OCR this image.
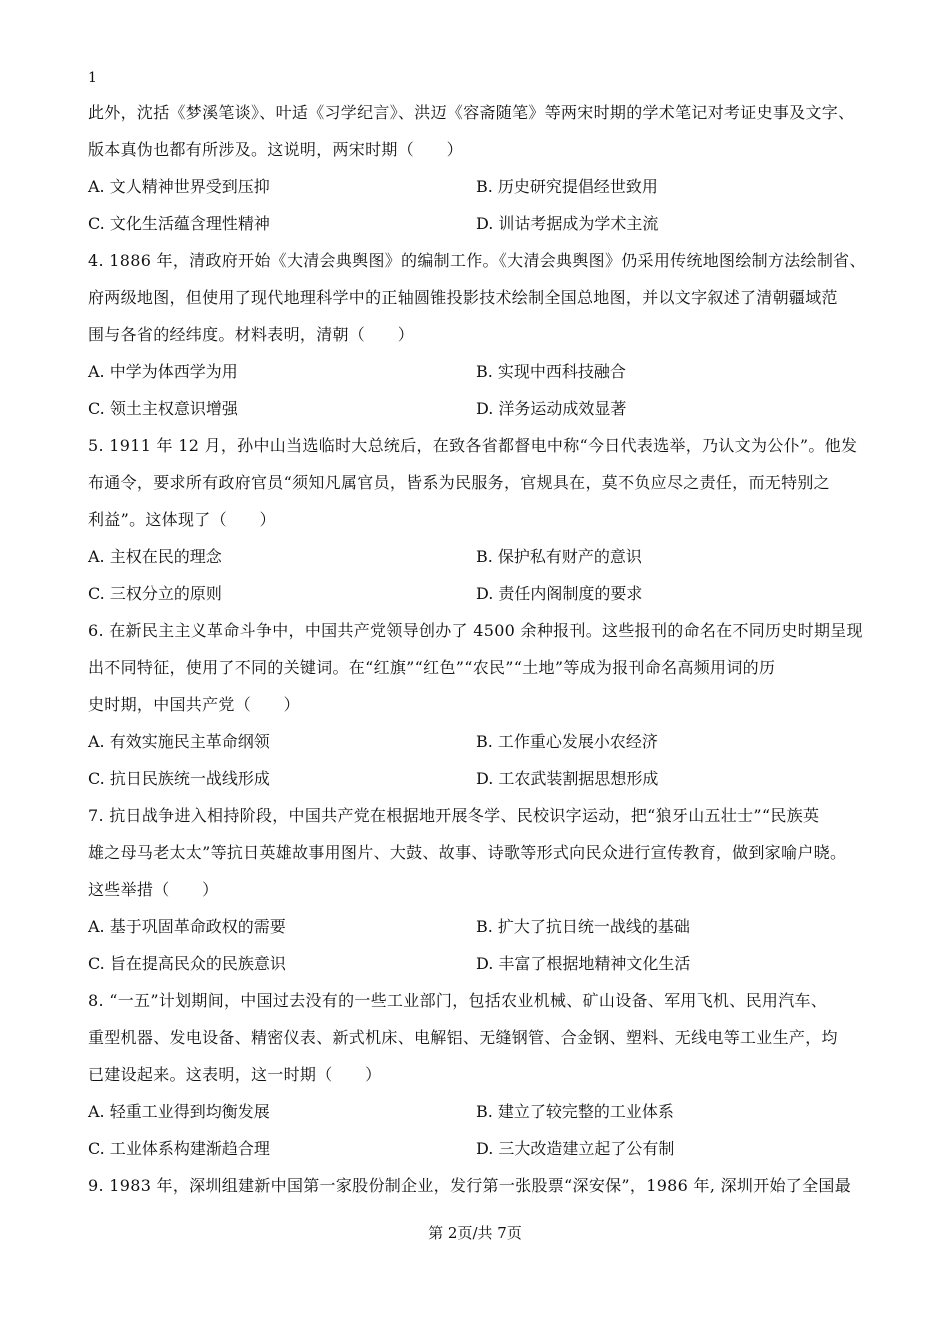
1

此外，沈括《梦溪笔谈》、叶适《习学纪言》、洪迈《容斋随笔》等两宋时期的学术笔记对考证史事及文字、

版本真伪也都有所涉及。这说明，两宋时期（　　）

A. 文人精神世界受到压抑	B. 历史研究提倡经世致用
C. 文化生活蕴含理性精神	D. 训诂考据成为学术主流

4. 1886 年，清政府开始《大清会典舆图》的编制工作。《大清会典舆图》仍采用传统地图绘制方法绘制省、

府两级地图，但使用了现代地理科学中的正轴圆锥投影技术绘制全国总地图，并以文字叙述了清朝疆域范

围与各省的经纬度。材料表明，清朝（　　）

A. 中学为体西学为用	B. 实现中西科技融合
C. 领土主权意识增强	D. 洋务运动成效显著

5. 1911 年 12 月，孙中山当选临时大总统后，在致各省都督电中称“今日代表选举，乃认文为公仆”。他发

布通令，要求所有政府官员“须知凡属官员，皆系为民服务，官规具在，莫不负应尽之责任，而无特别之

利益”。这体现了（　　）

A. 主权在民的理念	B. 保护私有财产的意识
C. 三权分立的原则	D. 责任内阁制度的要求

6. 在新民主主义革命斗争中，中国共产党领导创办了 4500 余种报刊。这些报刊的命名在不同历史时期呈现

出不同特征，使用了不同的关键词。在“红旗”“红色”“农民”“土地”等成为报刊命名高频用词的历

史时期，中国共产党（　　）

A. 有效实施民主革命纲领	B. 工作重心发展小农经济
C. 抗日民族统一战线形成	D. 工农武装割据思想形成

7. 抗日战争进入相持阶段，中国共产党在根据地开展冬学、民校识字运动，把“狼牙山五壮士”“民族英

雄之母马老太太”等抗日英雄故事用图片、大鼓、故事、诗歌等形式向民众进行宣传教育，做到家喻户晓。

这些举措（　　）

A. 基于巩固革命政权的需要	B. 扩大了抗日统一战线的基础
C. 旨在提高民众的民族意识	D. 丰富了根据地精神文化生活

8. “一五”计划期间，中国过去没有的一些工业部门，包括农业机械、矿山设备、军用飞机、民用汽车、

重型机器、发电设备、精密仪表、新式机床、电解铝、无缝钢管、合金钢、塑料、无线电等工业生产，均

已建设起来。这表明，这一时期（　　）

A. 轻重工业得到均衡发展	B. 建立了较完整的工业体系
C. 工业体系构建渐趋合理	D. 三大改造建立起了公有制

9. 1983 年，深圳组建新中国第一家股份制企业，发行第一张股票“深安保”，1986 年, 深圳开始了全国最

第 2页/共 7页
